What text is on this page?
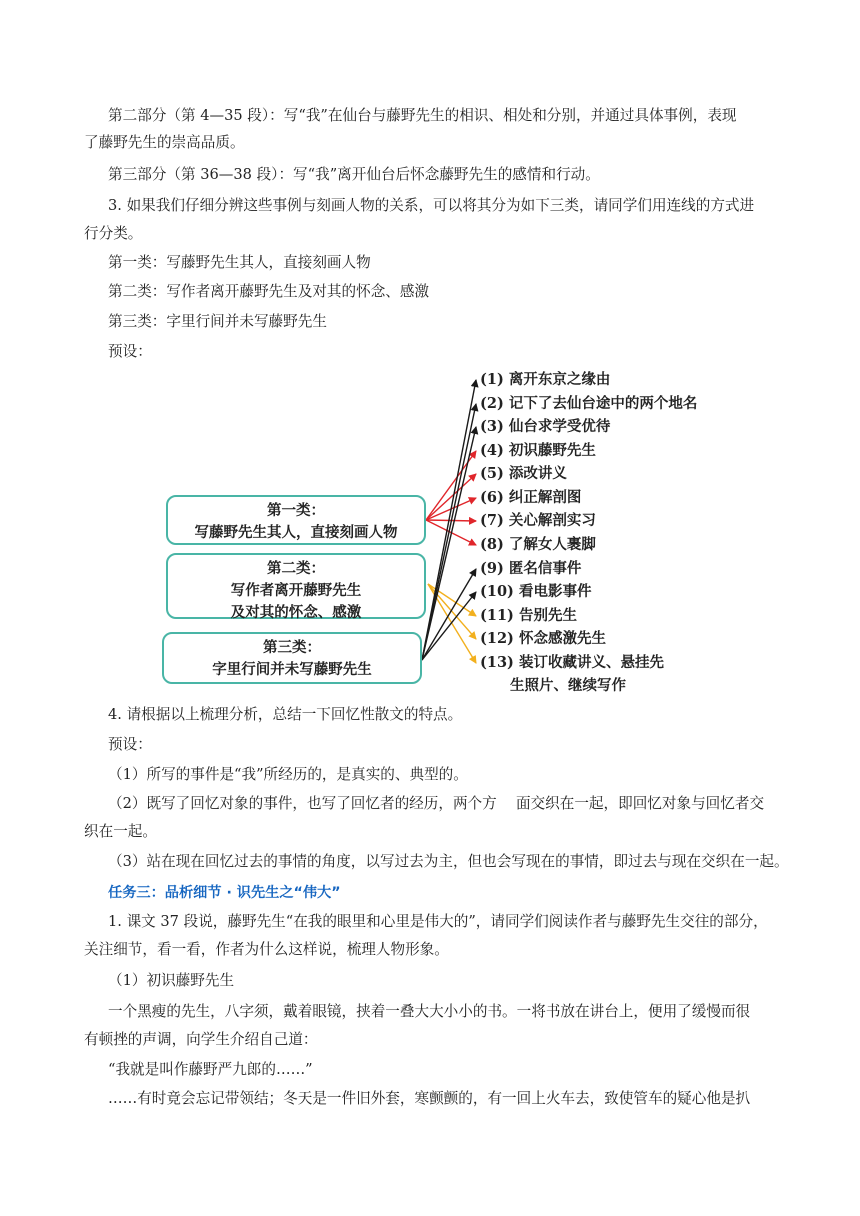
第二部分（第 4—35 段）：写“我”在仙台与藤野先生的相识、相处和分别，并通过具体事例，表现
了藤野先生的崇高品质。
第三部分（第 36—38 段）：写“我”离开仙台后怀念藤野先生的感情和行动。
3. 如果我们仔细分辨这些事例与刻画人物的关系，可以将其分为如下三类，请同学们用连线的方式进
行分类。
第一类：写藤野先生其人，直接刻画人物
第二类：写作者离开藤野先生及对其的怀念、感激
第三类：字里行间并未写藤野先生
预设：
第一类：
写藤野先生其人，直接刻画人物
第二类：
写作者离开藤野先生
及对其的怀念、感激
第三类：
字里行间并未写藤野先生
(1) 离开东京之缘由
(2) 记下了去仙台途中的两个地名
(3) 仙台求学受优待
(4) 初识藤野先生
(5) 添改讲义
(6) 纠正解剖图
(7) 关心解剖实习
(8) 了解女人裹脚
(9) 匿名信事件
(10) 看电影事件
(11) 告别先生
(12) 怀念感激先生
(13) 装订收藏讲义、悬挂先
生照片、继续写作
4. 请根据以上梳理分析，总结一下回忆性散文的特点。
预设：
（1）所写的事件是“我”所经历的，是真实的、典型的。
（2）既写了回忆对象的事件，也写了回忆者的经历，两个方　 面交织在一起，即回忆对象与回忆者交
织在一起。
（3）站在现在回忆过去的事情的角度，以写过去为主，但也会写现在的事情，即过去与现在交织在一起。
任务三：品析细节 · 识先生之“伟大”
1. 课文 37 段说，藤野先生“在我的眼里和心里是伟大的”，请同学们阅读作者与藤野先生交往的部分，
关注细节，看一看，作者为什么这样说，梳理人物形象。
（1）初识藤野先生
一个黑瘦的先生，八字须，戴着眼镜，挟着一叠大大小小的书。一将书放在讲台上，便用了缓慢而很
有顿挫的声调，向学生介绍自己道：
“我就是叫作藤野严九郎的……”
……有时竟会忘记带领结；冬天是一件旧外套，寒颤颤的，有一回上火车去，致使管车的疑心他是扒
